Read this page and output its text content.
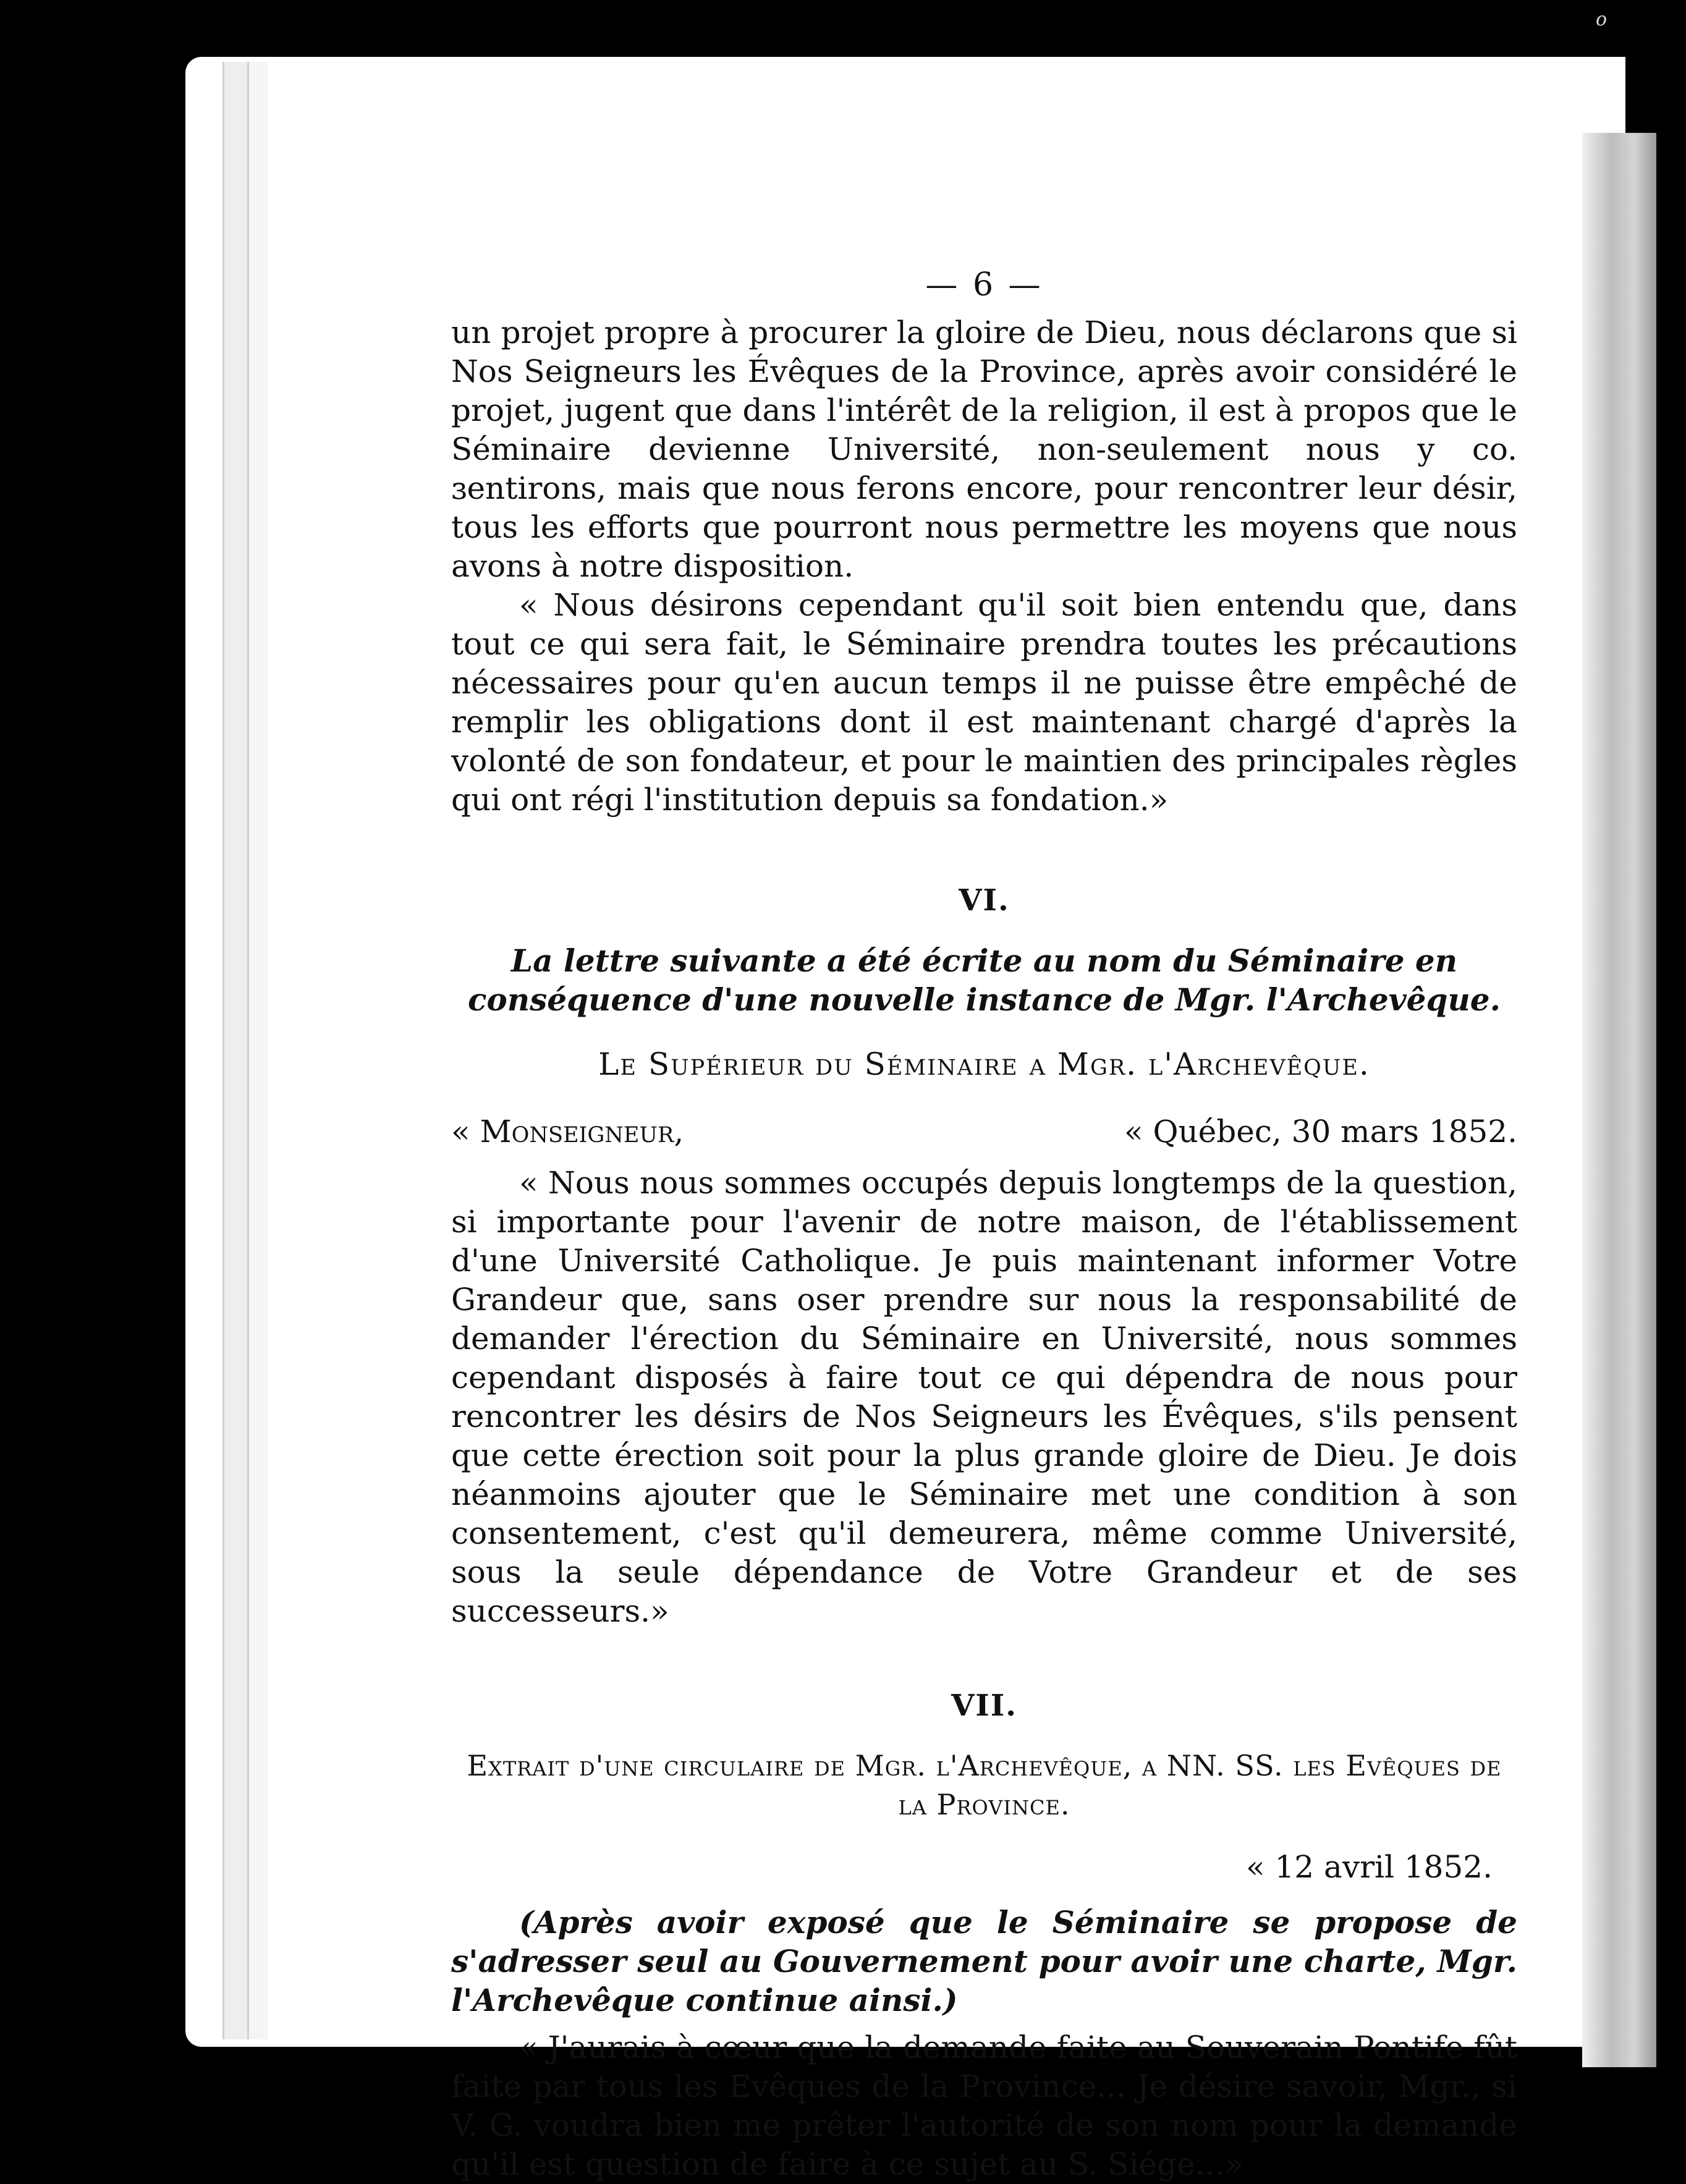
o
— 6 —

un projet propre à procurer la gloire de Dieu, nous déclarons que si Nos Seigneurs les Évêques de la Province, après avoir considéré le projet, jugent que dans l'intérêt de la religion, il est à propos que le Séminaire devienne Université, non-seulement nous y co. ɜentirons, mais que nous ferons encore, pour rencontrer leur désir, tous les efforts que pourront nous permettre les moyens que nous avons à notre disposition.

« Nous désirons cependant qu'il soit bien entendu que, dans tout ce qui sera fait, le Séminaire prendra toutes les précautions nécessaires pour qu'en aucun temps il ne puisse être empêché de remplir les obligations dont il est maintenant chargé d'après la volonté de son fondateur, et pour le maintien des principales règles qui ont régi l'institution depuis sa fondation.»

VI.

La lettre suivante a été écrite au nom du Séminaire en conséquence d'une nouvelle instance de Mgr. l'Archevêque.

Le Supérieur du Séminaire a Mgr. l'Archevêque.
« Monseigneur,	« Québec, 30 mars 1852.

« Nous nous sommes occupés depuis longtemps de la question, si importante pour l'avenir de notre maison, de l'établissement d'une Université Catholique. Je puis maintenant informer Votre Grandeur que, sans oser prendre sur nous la responsabilité de demander l'érection du Séminaire en Université, nous sommes cependant disposés à faire tout ce qui dépendra de nous pour rencontrer les désirs de Nos Seigneurs les Évêques, s'ils pensent que cette érection soit pour la plus grande gloire de Dieu. Je dois néanmoins ajouter que le Séminaire met une condition à son consentement, c'est qu'il demeurera, même comme Université, sous la seule dépendance de Votre Grandeur et de ses successeurs.»

VII.
Extrait d'une circulaire de Mgr. l'Archevêque, a NN. SS. les Evêques de la Province.
« 12 avril 1852.

(Après avoir exposé que le Séminaire se propose de s'adresser seul au Gouvernement pour avoir une charte, Mgr. l'Archevêque continue ainsi.)

« J'aurais à cœur que la demande faite au Souverain Pontife fût faite par tous les Evêques de la Province... Je désire savoir, Mgr., si V. G. voudra bien me prêter l'autorité de son nom pour la demande qu'il est question de faire à ce sujet au S. Siége...»
